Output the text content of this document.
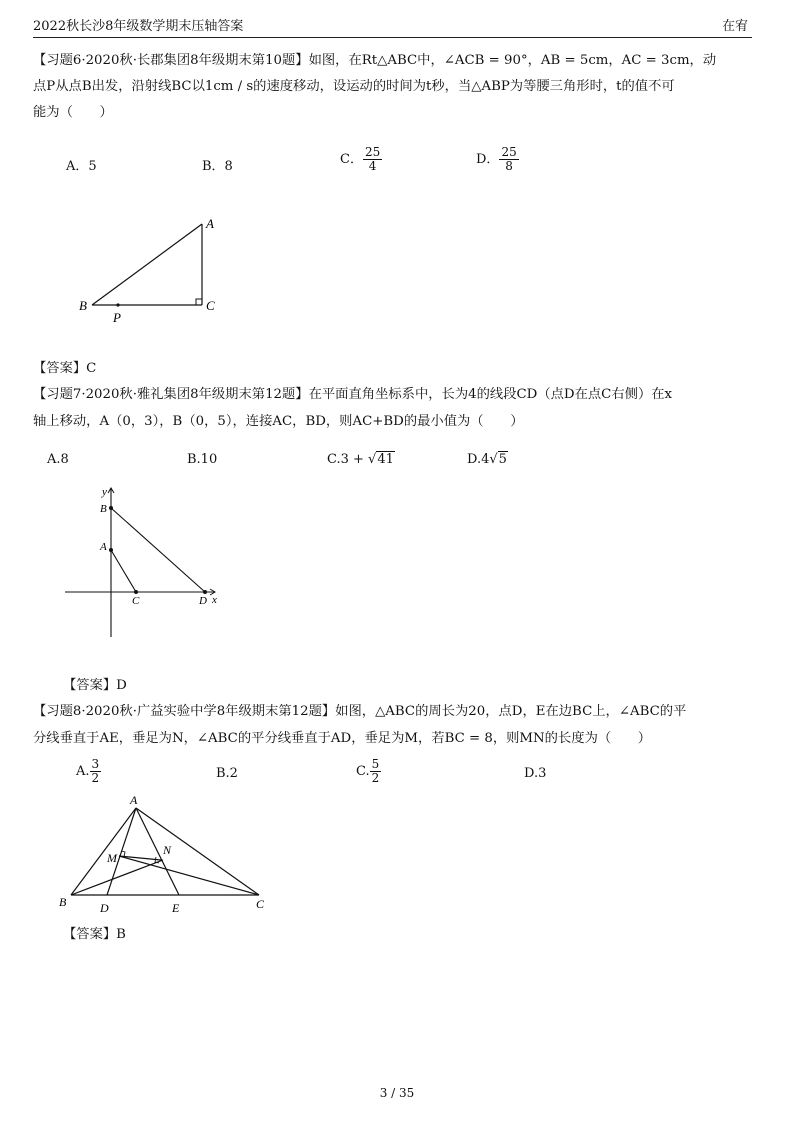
2022秋长沙8年级数学期末压轴答案	在宥
【习题6·2020秋·长郡集团8年级期末第10题】如图，在Rt△ABC中，∠ACB = 90°，AB = 5cm，AC = 3cm，动
点P从点B出发，沿射线BC以1cm / s的速度移动，设运动的时间为t秒，当△ABP为等腰三角形时，t的值不可
能为（　　）
A．5	B．8	C． $\frac{25}{4}$	D． $\frac{25}{8}$
A
B	C
P
【答案】C
【习题7·2020秋·雅礼集团8年级期末第12题】在平面直角坐标系中，长为4的线段CD（点D在点C右侧）在x
轴上移动，A（0，3），B（0，5），连接AC，BD，则AC+BD的最小值为（　　）
A.8	B.10	C.3 + √41	D.4√5
y
x
B
A
C	D
【答案】D
【习题8·2020秋·广益实验中学8年级期末第12题】如图，△ABC的周长为20，点D，E在边BC上，∠ABC的平
分线垂直于AE，垂足为N，∠ABC的平分线垂直于AD，垂足为M，若BC = 8，则MN的长度为（　　）
A. $\frac{3}{2}$	B.2	C. $\frac{5}{2}$	D.3
A
B	C
D	E
M
N
【答案】B
3 / 35
